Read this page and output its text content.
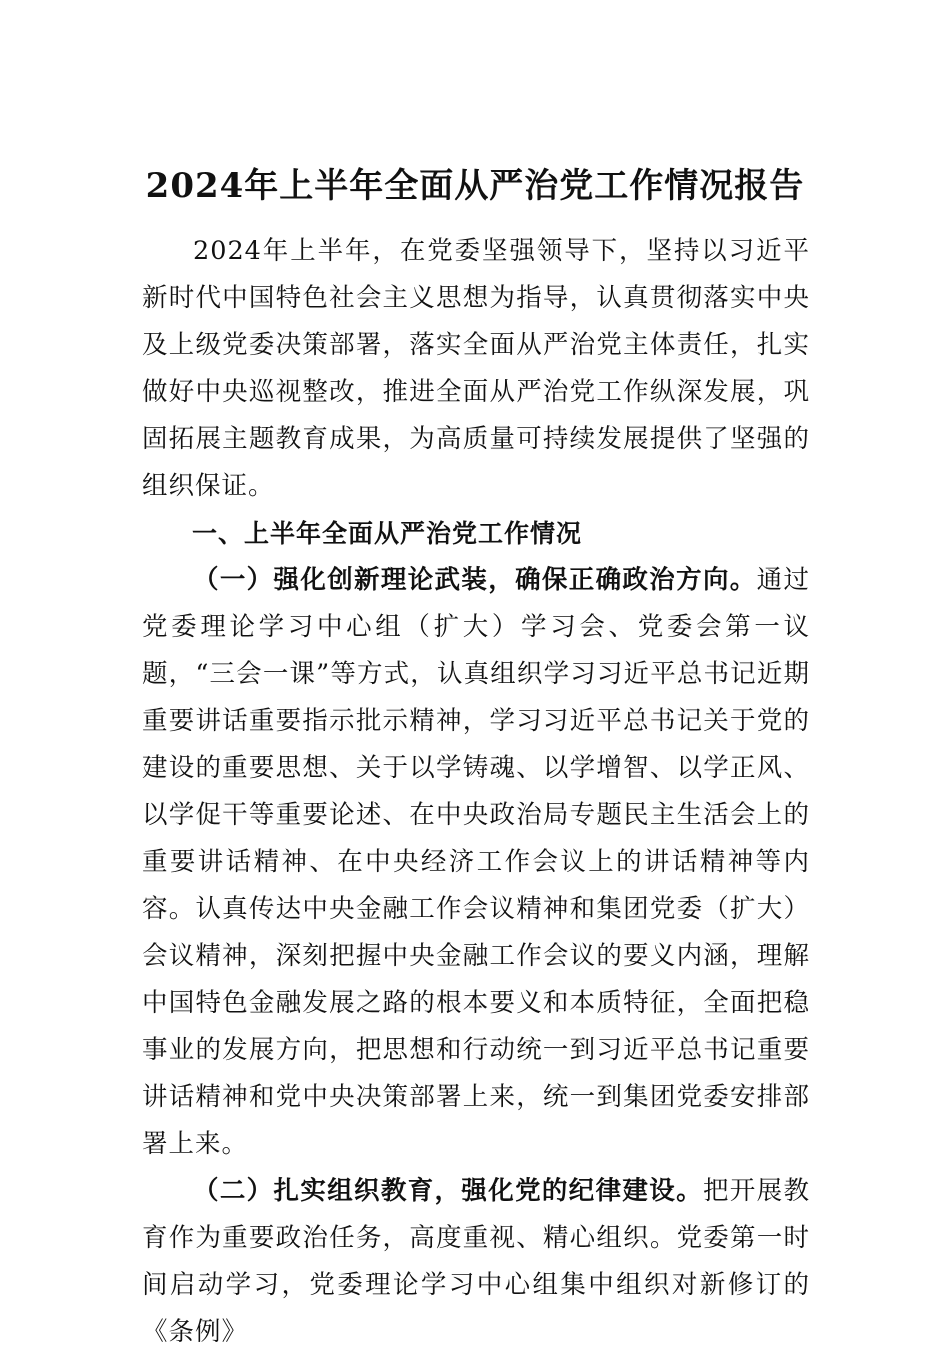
2024年上半年全面从严治党工作情况报告

2024年上半年，在党委坚强领导下，坚持以习近平新时代中国特色社会主义思想为指导，认真贯彻落实中央及上级党委决策部署，落实全面从严治党主体责任，扎实做好中央巡视整改，推进全面从严治党工作纵深发展，巩固拓展主题教育成果，为高质量可持续发展提供了坚强的组织保证。

一、上半年全面从严治党工作情况

（一）强化创新理论武装，确保正确政治方向。通过党委理论学习中心组（扩大）学习会、党委会第一议题，“三会一课”等方式，认真组织学习习近平总书记近期重要讲话重要指示批示精神，学习习近平总书记关于党的建设的重要思想、关于以学铸魂、以学增智、以学正风、以学促干等重要论述、在中央政治局专题民主生活会上的重要讲话精神、在中央经济工作会议上的讲话精神等内容。认真传达中央金融工作会议精神和集团党委（扩大）会议精神，深刻把握中央金融工作会议的要义内涵，理解中国特色金融发展之路的根本要义和本质特征，全面把稳事业的发展方向，把思想和行动统一到习近平总书记重要讲话精神和党中央决策部署上来，统一到集团党委安排部署上来。

（二）扎实组织教育，强化党的纪律建设。把开展教育作为重要政治任务，高度重视、精心组织。党委第一时间启动学习，党委理论学习中心组集中组织对新修订的《条例》
